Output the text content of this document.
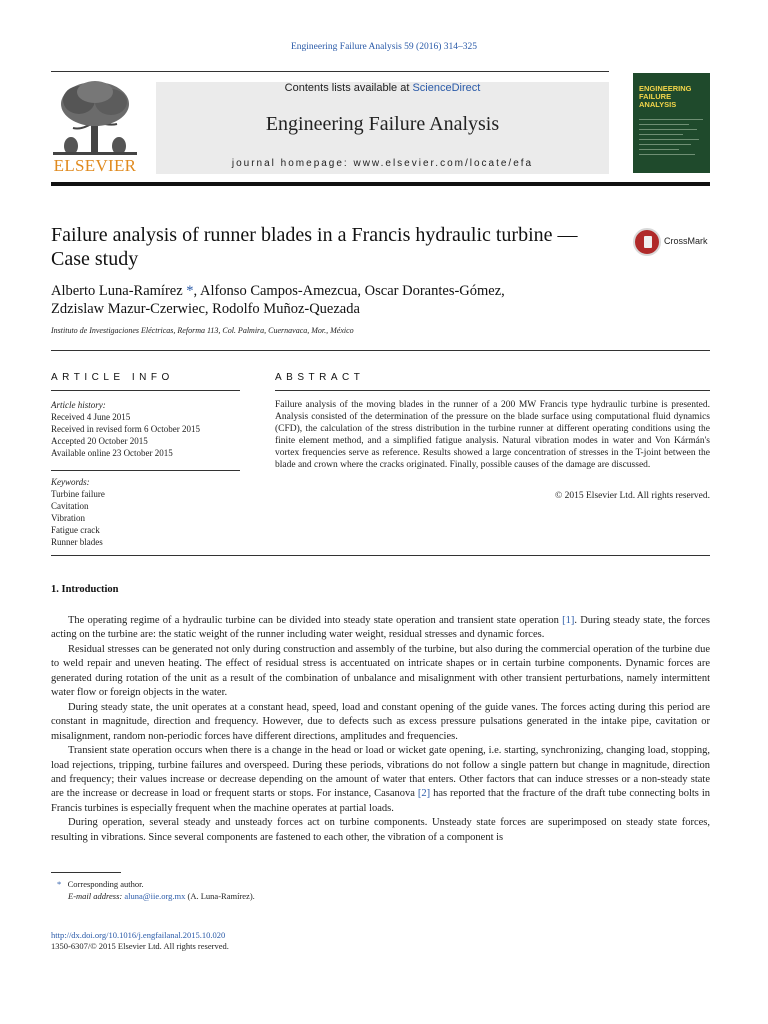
Engineering Failure Analysis 59 (2016) 314–325
ELSEVIER
Contents lists available at ScienceDirect
Engineering Failure Analysis
journal homepage: www.elsevier.com/locate/efa
ENGINEERING FAILURE ANALYSIS
Failure analysis of runner blades in a Francis hydraulic turbine — Case study
CrossMark
Alberto Luna-Ramírez *, Alfonso Campos-Amezcua, Oscar Dorantes-Gómez,
Zdzislaw Mazur-Czerwiec, Rodolfo Muñoz-Quezada
Instituto de Investigaciones Eléctricas, Reforma 113, Col. Palmira, Cuernavaca, Mor., México
ARTICLE INFO	ABSTRACT
Article history:
Received 4 June 2015
Received in revised form 6 October 2015
Accepted 20 October 2015
Available online 23 October 2015
Keywords:
Turbine failure
Cavitation
Vibration
Fatigue crack
Runner blades
Failure analysis of the moving blades in the runner of a 200 MW Francis type hydraulic turbine is presented. Analysis consisted of the determination of the pressure on the blade surface using computational fluid dynamics (CFD), the calculation of the stress distribution in the turbine runner at different operating conditions using the finite element method, and a simplified fatigue analysis. Natural vibration modes in water and Von Kármán's vortex frequencies serve as reference. Results showed a large concentration of stresses in the T-joint between the blade and crown where the cracks originated. Finally, possible causes of the damage are discussed.
© 2015 Elsevier Ltd. All rights reserved.
1. Introduction

The operating regime of a hydraulic turbine can be divided into steady state operation and transient state operation [1]. During steady state, the forces acting on the turbine are: the static weight of the runner including water weight, residual stresses and dynamic forces.

Residual stresses can be generated not only during construction and assembly of the turbine, but also during the commercial operation of the turbine due to weld repair and uneven heating. The effect of residual stress is accentuated on intricate shapes or in certain turbine components. Dynamic forces are generated during rotation of the unit as a result of the combination of unbalance and misalignment with other transient perturbations, namely intermittent water flow or foreign objects in the water.

During steady state, the unit operates at a constant head, speed, load and constant opening of the guide vanes. The forces acting during this period are constant in magnitude, direction and frequency. However, due to defects such as excess pressure pulsations generated in the intake pipe, cavitation or misalignment, random non-periodic forces have different directions, amplitudes and frequencies.

Transient state operation occurs when there is a change in the head or load or wicket gate opening, i.e. starting, synchronizing, changing load, stopping, load rejections, tripping, turbine failures and overspeed. During these periods, vibrations do not follow a single pattern but change in magnitude, direction and frequency; their values increase or decrease depending on the amount of water that enters. Other factors that can induce stresses or a non-steady state are the increase or decrease in load or frequent starts or stops. For instance, Casanova [2] has reported that the fracture of the draft tube connecting bolts in Francis turbines is especially frequent when the machine operates at partial loads.

During operation, several steady and unsteady forces act on turbine components. Unsteady state forces are superimposed on steady state forces, resulting in vibrations. Since several components are fastened to each other, the vibration of a component is

* Corresponding author.
E-mail address: aluna@iie.org.mx (A. Luna-Ramírez).
http://dx.doi.org/10.1016/j.engfailanal.2015.10.020
1350-6307/© 2015 Elsevier Ltd. All rights reserved.
